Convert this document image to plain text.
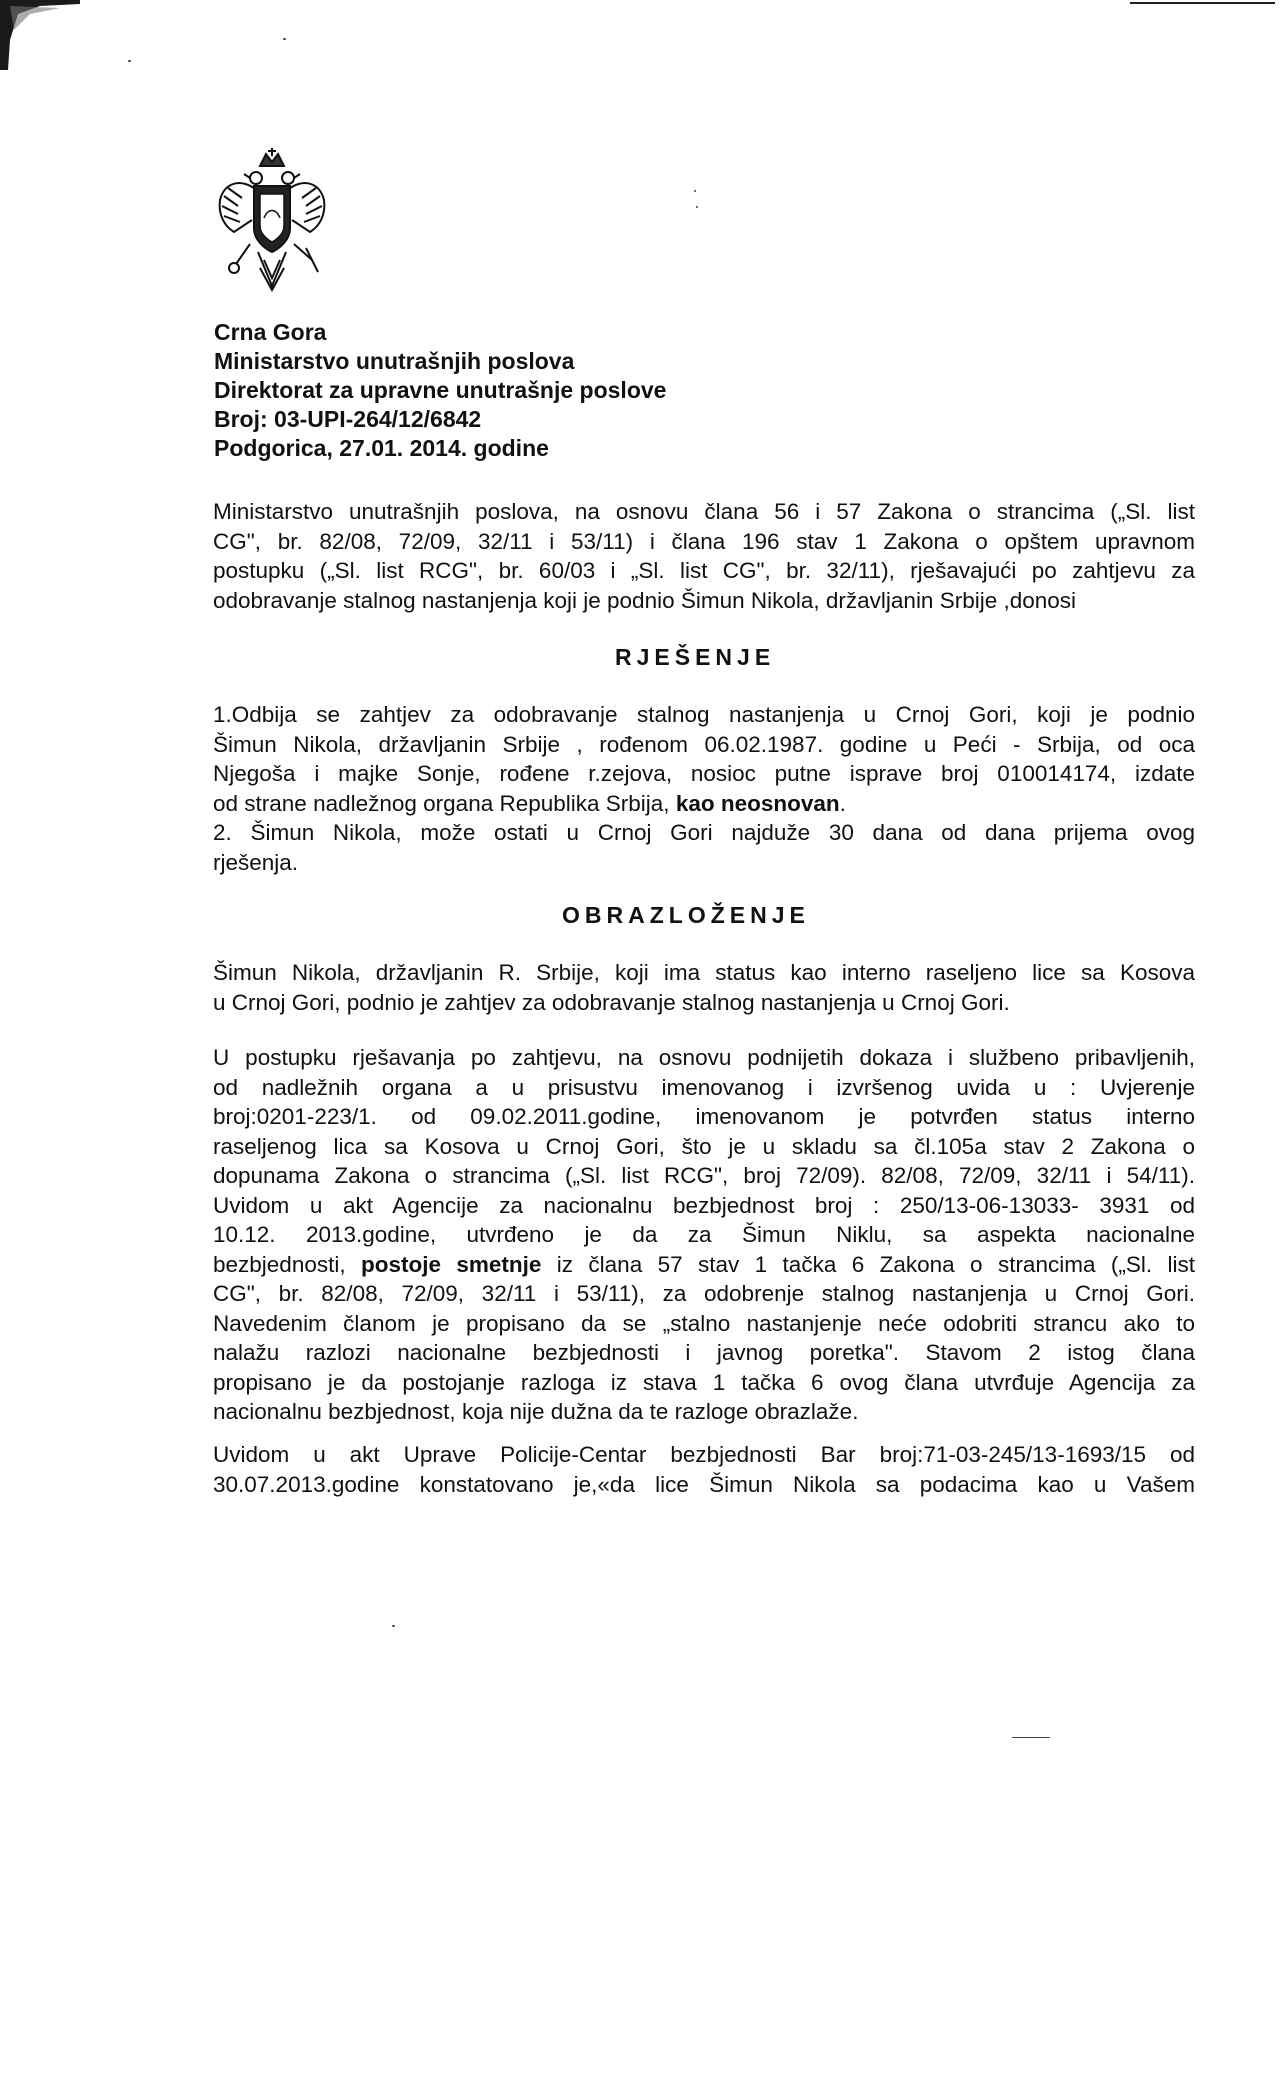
Crna Gora
Ministarstvo unutrašnjih poslova
Direktorat za upravne unutrašnje poslove
Broj: 03-UPI-264/12/6842
Podgorica, 27.01. 2014. godine
Ministarstvo unutrašnjih poslova, na osnovu člana 56 i 57 Zakona o strancima („Sl. list
CG", br. 82/08, 72/09, 32/11 i 53/11) i člana 196 stav 1 Zakona o opštem upravnom
postupku („Sl. list RCG", br. 60/03 i „Sl. list CG", br. 32/11), rješavajući po zahtjevu za
odobravanje stalnog nastanjenja koji je podnio Šimun Nikola, državljanin Srbije ,donosi
RJEŠENJE
1.Odbija se zahtjev za odobravanje stalnog nastanjenja u Crnoj Gori, koji je podnio
Šimun Nikola, državljanin Srbije , rođenom 06.02.1987. godine u Peći - Srbija, od oca
Njegoša i majke Sonje, rođene r.zejova, nosioc putne isprave broj 010014174, izdate
od strane nadležnog organa Republika Srbija, kao neosnovan.
2. Šimun Nikola, može ostati u Crnoj Gori najduže 30 dana od dana prijema ovog
rješenja.
OBRAZLOŽENJE
Šimun Nikola, državljanin R. Srbije, koji ima status kao interno raseljeno lice sa Kosova
u Crnoj Gori, podnio je zahtjev za odobravanje stalnog nastanjenja u Crnoj Gori.
U postupku rješavanja po zahtjevu, na osnovu podnijetih dokaza i službeno pribavljenih,
od nadležnih organa a u prisustvu imenovanog i izvršenog uvida u : Uvjerenje
broj:0201-223/1. od 09.02.2011.godine, imenovanom je potvrđen status interno
raseljenog lica sa Kosova u Crnoj Gori, što je u skladu sa čl.105a stav 2 Zakona o
dopunama Zakona o strancima („Sl. list RCG", broj 72/09). 82/08, 72/09, 32/11 i 54/11).
Uvidom u akt Agencije za nacionalnu bezbjednost broj : 250/13-06-13033- 3931 od
10.12. 2013.godine, utvrđeno je da za Šimun Niklu, sa aspekta nacionalne
bezbjednosti, postoje smetnje iz člana 57 stav 1 tačka 6 Zakona o strancima („Sl. list
CG", br. 82/08, 72/09, 32/11 i 53/11), za odobrenje stalnog nastanjenja u Crnoj Gori.
Navedenim članom je propisano da se „stalno nastanjenje neće odobriti strancu ako to
nalažu razlozi nacionalne bezbjednosti i javnog poretka". Stavom 2 istog člana
propisano je da postojanje razloga iz stava 1 tačka 6 ovog člana utvrđuje Agencija za
nacionalnu bezbjednost, koja nije dužna da te razloge obrazlaže.
Uvidom u akt Uprave Policije-Centar bezbjednosti Bar broj:71-03-245/13-1693/15 od
30.07.2013.godine konstatovano je,«da lice Šimun Nikola sa podacima kao u Vašem
